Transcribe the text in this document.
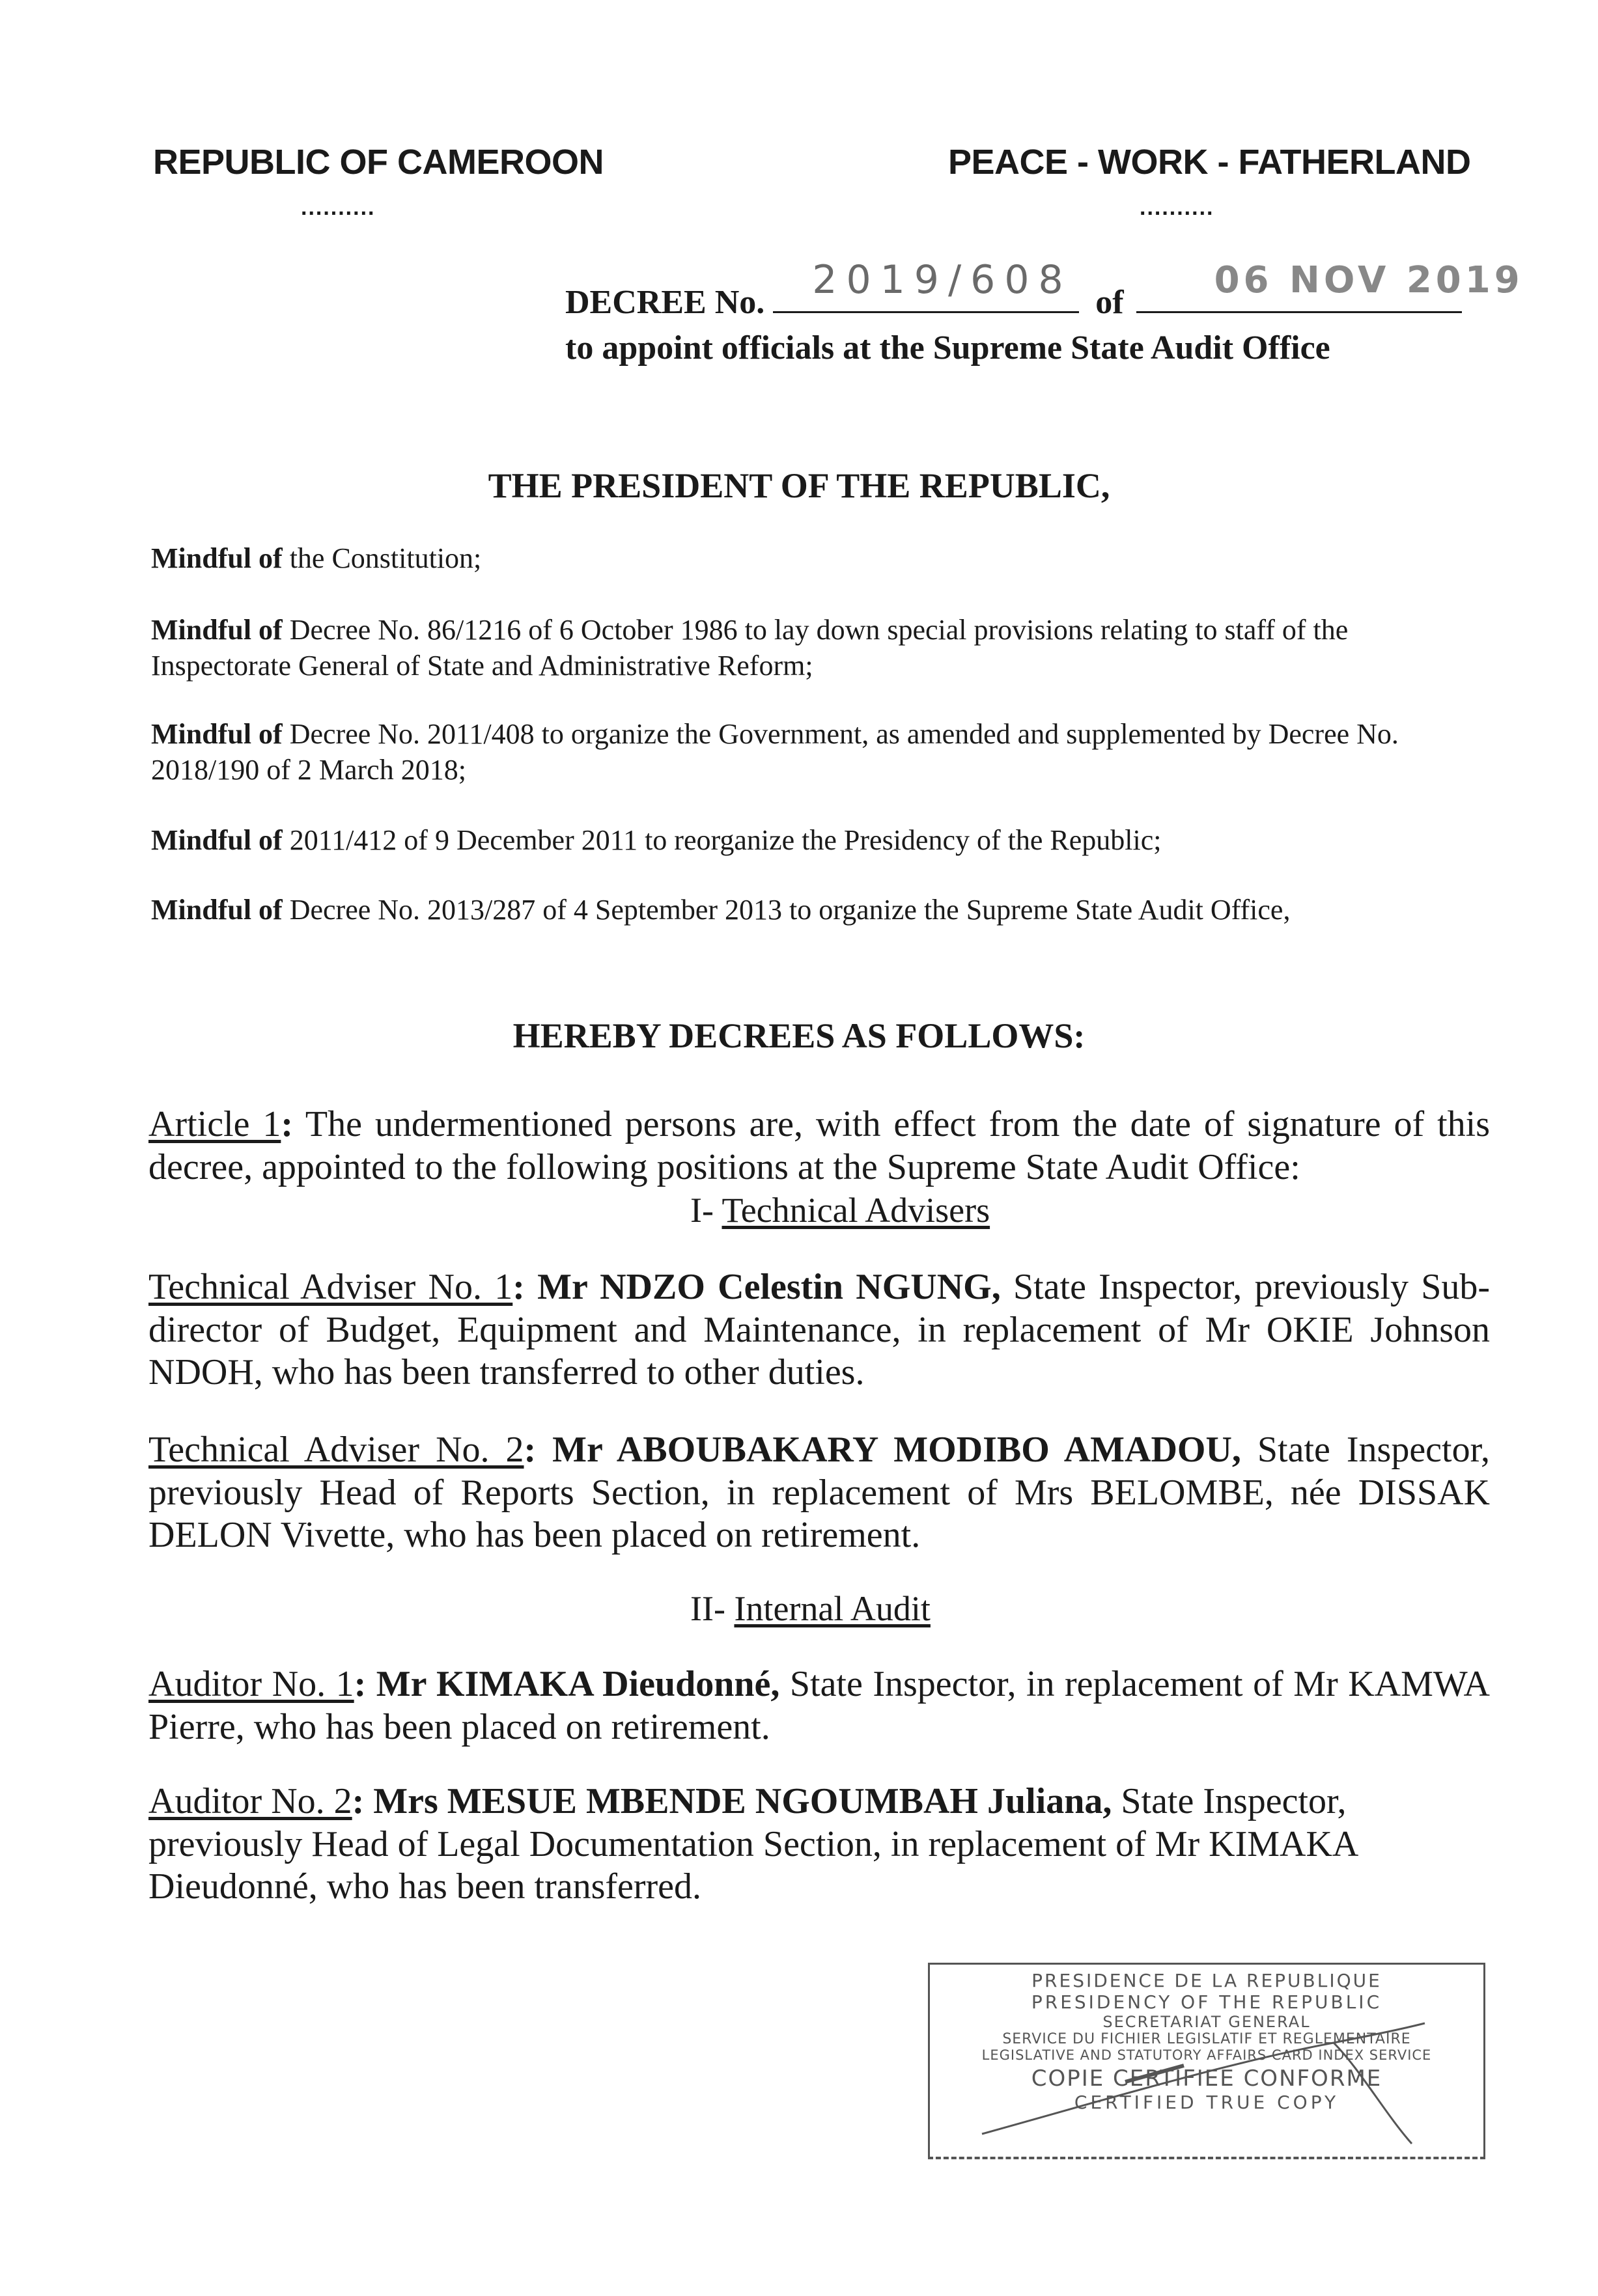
REPUBLIC OF CAMEROON
..........
PEACE - WORK - FATHERLAND
..........
DECREE No. 2019/608 of
06 NOV 2019
to appoint officials at the Supreme State Audit Office
THE PRESIDENT OF THE REPUBLIC,
Mindful of the Constitution;
Mindful of Decree No. 86/1216 of 6 October 1986 to lay down special provisions relating to staff of the Inspectorate General of State and Administrative Reform;
Mindful of Decree No. 2011/408 to organize the Government, as amended and supplemented by Decree No. 2018/190 of 2 March 2018;
Mindful of 2011/412 of 9 December 2011 to reorganize the Presidency of the Republic;
Mindful of Decree No. 2013/287 of 4 September 2013 to organize the Supreme State Audit Office,
HEREBY DECREES AS FOLLOWS:
Article 1: The undermentioned persons are, with effect from the date of signature of this decree, appointed to the following positions at the Supreme State Audit Office:
I- Technical Advisers
Technical Adviser No. 1: Mr NDZO Celestin NGUNG, State Inspector, previously Sub-director of Budget, Equipment and Maintenance, in replacement of Mr OKIE Johnson NDOH, who has been transferred to other duties.
Technical Adviser No. 2: Mr ABOUBAKARY MODIBO AMADOU, State Inspector, previously Head of Reports Section, in replacement of Mrs BELOMBE, née DISSAK DELON Vivette, who has been placed on retirement.
II- Internal Audit
Auditor No. 1: Mr KIMAKA Dieudonné, State Inspector, in replacement of Mr KAMWA Pierre, who has been placed on retirement.
Auditor No. 2: Mrs MESUE MBENDE NGOUMBAH Juliana, State Inspector, previously Head of Legal Documentation Section, in replacement of Mr KIMAKA Dieudonné, who has been transferred.
PRESIDENCE DE LA REPUBLIQUE
PRESIDENCY OF THE REPUBLIC
SECRETARIAT GENERAL
SERVICE DU FICHIER LEGISLATIF ET REGLEMENTAIRE
LEGISLATIVE AND STATUTORY AFFAIRS CARD INDEX SERVICE
COPIE CERTIFIEE CONFORME
CERTIFIED TRUE COPY
